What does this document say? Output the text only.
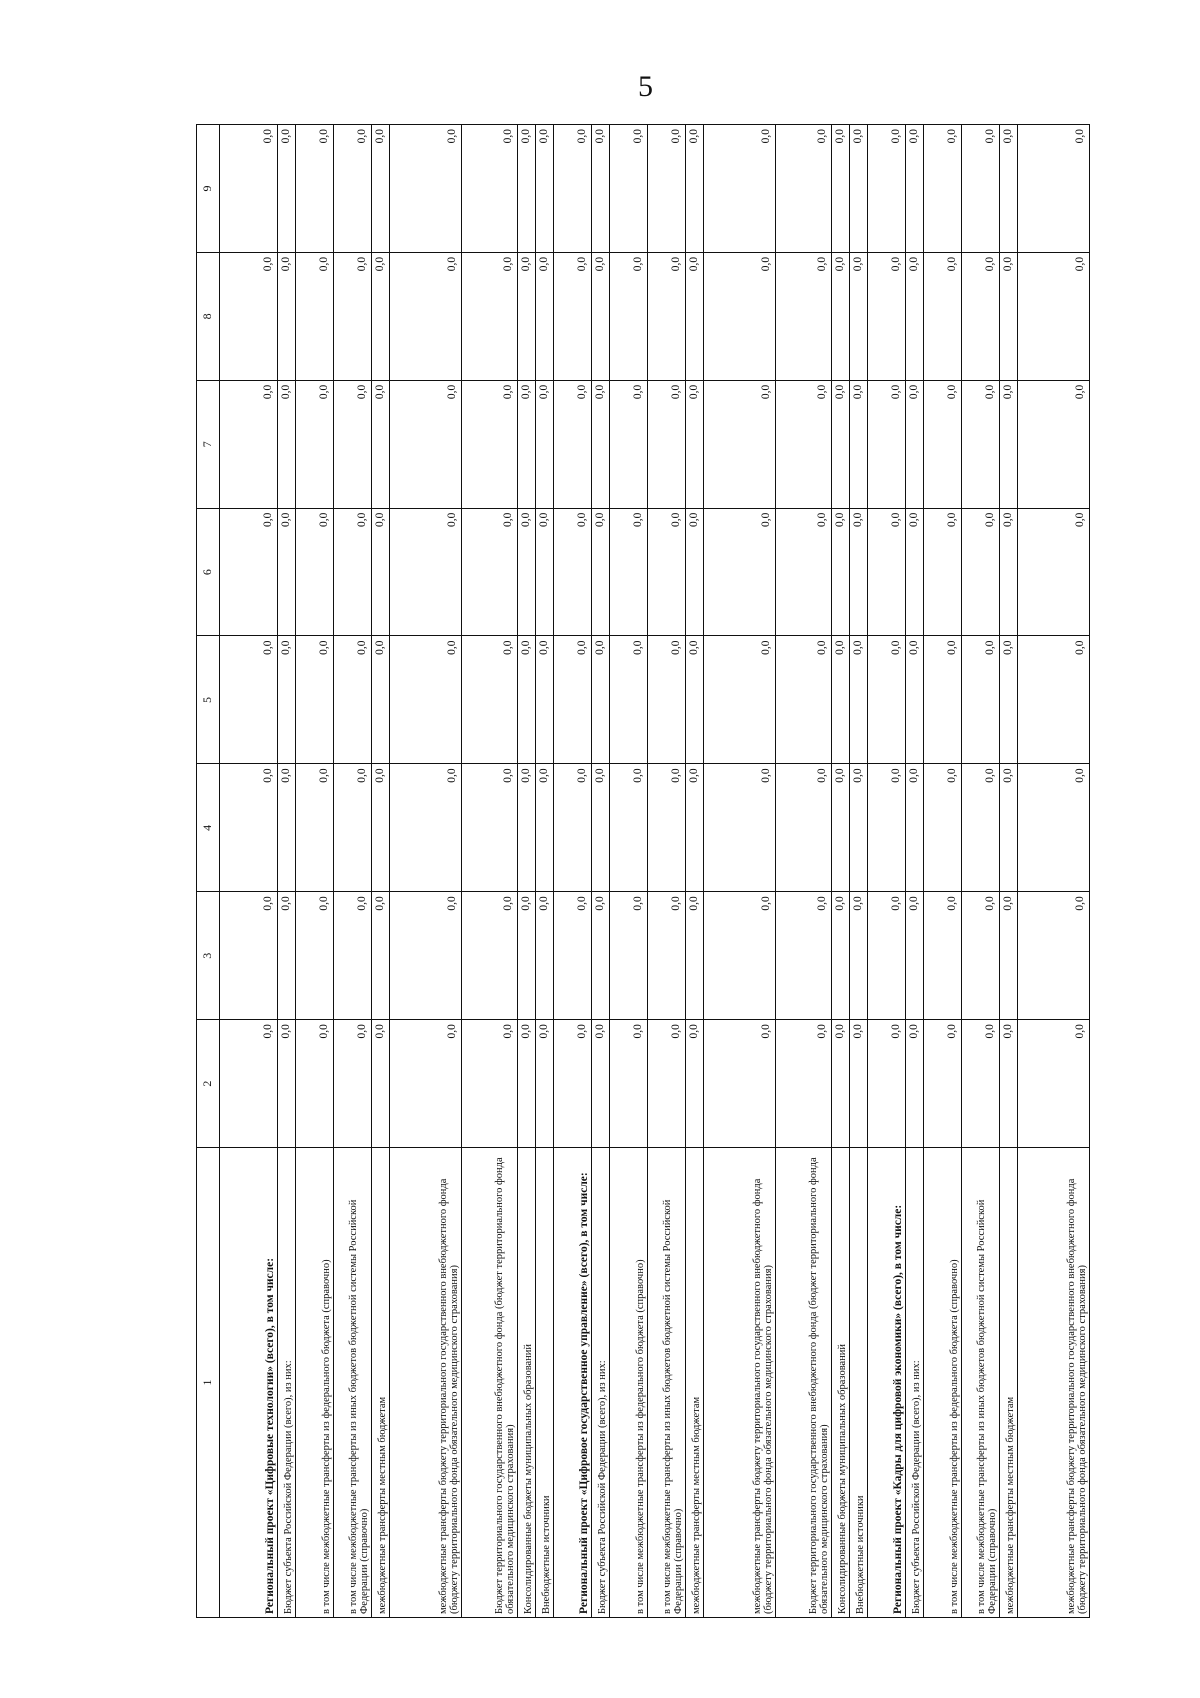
5
1	2	3	4	5	6	7	8	9
Региональный проект «Цифровые технологии» (всего), в том числе:	0,0	0,0	0,0	0,0	0,0	0,0	0,0	0,0
Бюджет субъекта Российской Федерации (всего), из них:	0,0	0,0	0,0	0,0	0,0	0,0	0,0	0,0
в том числе межбюджетные трансферты из федерального бюджета (справочно)	0,0	0,0	0,0	0,0	0,0	0,0	0,0	0,0
в том числе межбюджетные трансферты из иных бюджетов бюджетной системы Российской Федерации (справочно)	0,0	0,0	0,0	0,0	0,0	0,0	0,0	0,0
межбюджетные трансферты местным бюджетам	0,0	0,0	0,0	0,0	0,0	0,0	0,0	0,0
межбюджетные трансферты бюджету территориального государственного внебюджетного фонда (бюджету территориального фонда обязательного медицинского страхования)	0,0	0,0	0,0	0,0	0,0	0,0	0,0	0,0
Бюджет территориального государственного внебюджетного фонда (бюджет территориального фонда обязательного медицинского страхования)	0,0	0,0	0,0	0,0	0,0	0,0	0,0	0,0
Консолидированные бюджеты муниципальных образований	0,0	0,0	0,0	0,0	0,0	0,0	0,0	0,0
Внебюджетные источники	0,0	0,0	0,0	0,0	0,0	0,0	0,0	0,0
Региональный проект «Цифровое государственное управление» (всего), в том числе:	0,0	0,0	0,0	0,0	0,0	0,0	0,0	0,0
Бюджет субъекта Российской Федерации (всего), из них:	0,0	0,0	0,0	0,0	0,0	0,0	0,0	0,0
в том числе межбюджетные трансферты из федерального бюджета (справочно)	0,0	0,0	0,0	0,0	0,0	0,0	0,0	0,0
в том числе межбюджетные трансферты из иных бюджетов бюджетной системы Российской Федерации (справочно)	0,0	0,0	0,0	0,0	0,0	0,0	0,0	0,0
межбюджетные трансферты местным бюджетам	0,0	0,0	0,0	0,0	0,0	0,0	0,0	0,0
межбюджетные трансферты бюджету территориального государственного внебюджетного фонда (бюджету территориального фонда обязательного медицинского страхования)	0,0	0,0	0,0	0,0	0,0	0,0	0,0	0,0
Бюджет территориального государственного внебюджетного фонда (бюджет территориального фонда обязательного медицинского страхования)	0,0	0,0	0,0	0,0	0,0	0,0	0,0	0,0
Консолидированные бюджеты муниципальных образований	0,0	0,0	0,0	0,0	0,0	0,0	0,0	0,0
Внебюджетные источники	0,0	0,0	0,0	0,0	0,0	0,0	0,0	0,0
Региональный проект «Кадры для цифровой экономики» (всего), в том числе:	0,0	0,0	0,0	0,0	0,0	0,0	0,0	0,0
Бюджет субъекта Российской Федерации (всего), из них:	0,0	0,0	0,0	0,0	0,0	0,0	0,0	0,0
в том числе межбюджетные трансферты из федерального бюджета (справочно)	0,0	0,0	0,0	0,0	0,0	0,0	0,0	0,0
в том числе межбюджетные трансферты из иных бюджетов бюджетной системы Российской Федерации (справочно)	0,0	0,0	0,0	0,0	0,0	0,0	0,0	0,0
межбюджетные трансферты местным бюджетам	0,0	0,0	0,0	0,0	0,0	0,0	0,0	0,0
межбюджетные трансферты бюджету территориального государственного внебюджетного фонда (бюджету территориального фонда обязательного медицинского страхования)	0,0	0,0	0,0	0,0	0,0	0,0	0,0	0,0
